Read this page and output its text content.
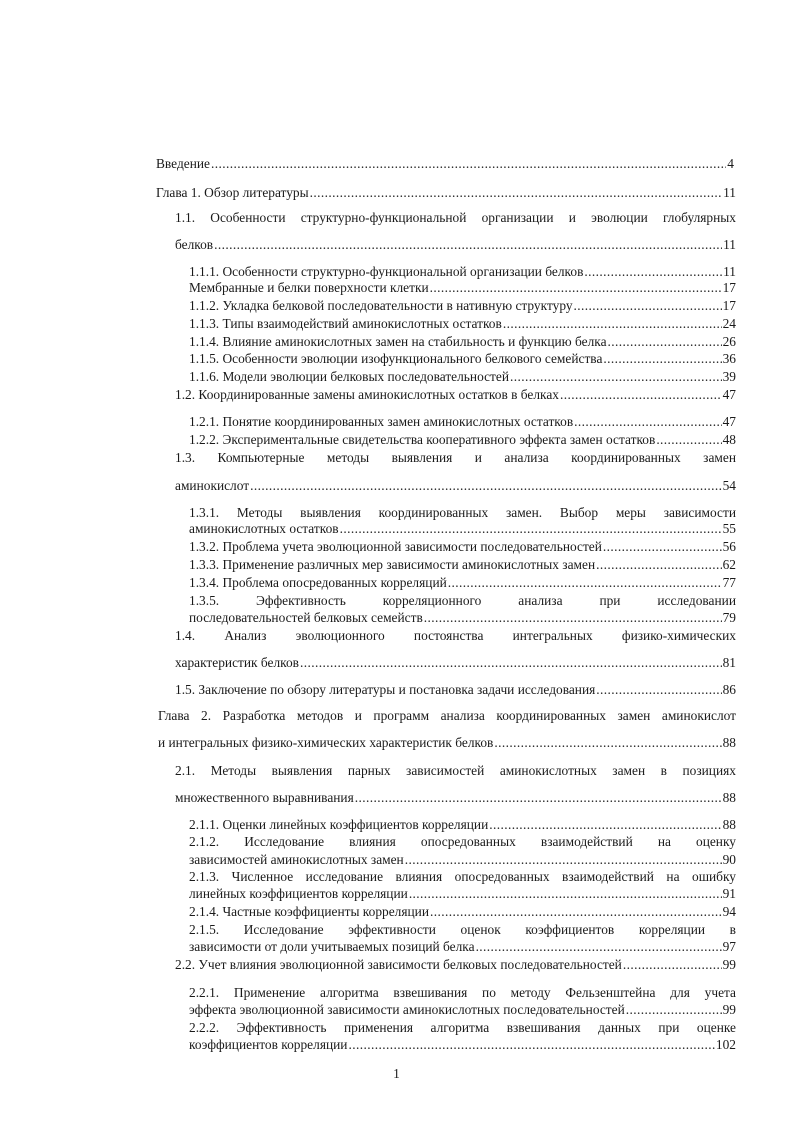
Введение .....	4
Глава 1. Обзор литературы .....	11
1.1. Особенности структурно-функциональной организации и эволюции глобулярных
белков .....	11
1.1.1. Особенности структурно-функциональной организации белков .....	11
Мембранные и белки поверхности клетки .....	17
1.1.2. Укладка белковой последовательности в нативную структуру .....	17
1.1.3. Типы взаимодействий аминокислотных остатков .....	24
1.1.4. Влияние аминокислотных замен на стабильность и функцию белка .....	26
1.1.5. Особенности эволюции изофункционального белкового семейства .....	36
1.1.6. Модели эволюции белковых последовательностей .....	39
1.2. Координированные замены аминокислотных остатков в белках .....	47
1.2.1. Понятие координированных замен аминокислотных остатков .....	47
1.2.2. Экспериментальные свидетельства кооперативного эффекта замен остатков .....	48
1.3. Компьютерные методы выявления и анализа координированных замен
аминокислот .....	54
1.3.1. Методы выявления координированных замен. Выбор меры зависимости
аминокислотных остатков .....	55
1.3.2. Проблема учета эволюционной зависимости последовательностей .....	56
1.3.3. Применение различных мер зависимости аминокислотных замен .....	62
1.3.4. Проблема опосредованных корреляций .....	77
1.3.5. Эффективность корреляционного анализа при исследовании
последовательностей белковых семейств .....	79
1.4. Анализ эволюционного постоянства интегральных физико-химических
характеристик белков .....	81
1.5. Заключение по обзору литературы и постановка задачи исследования .....	86
Глава 2. Разработка методов и программ анализа координированных замен аминокислот
и интегральных физико-химических характеристик белков .....	88
2.1. Методы выявления парных зависимостей аминокислотных замен в позициях
множественного выравнивания .....	88
2.1.1. Оценки линейных коэффициентов корреляции .....	88
2.1.2. Исследование влияния опосредованных взаимодействий на оценку
зависимостей аминокислотных замен .....	90
2.1.3. Численное исследование влияния опосредованных взаимодействий на ошибку
линейных коэффициентов корреляции .....	91
2.1.4. Частные коэффициенты корреляции .....	94
2.1.5. Исследование эффективности оценок коэффициентов корреляции в
зависимости от доли учитываемых позиций белка .....	97
2.2. Учет влияния эволюционной зависимости белковых последовательностей .....	99
2.2.1. Применение алгоритма взвешивания по методу Фельзенштейна для учета
эффекта эволюционной зависимости аминокислотных последовательностей .....	99
2.2.2. Эффективность применения алгоритма взвешивания данных при оценке
коэффициентов корреляции .....	102
1
